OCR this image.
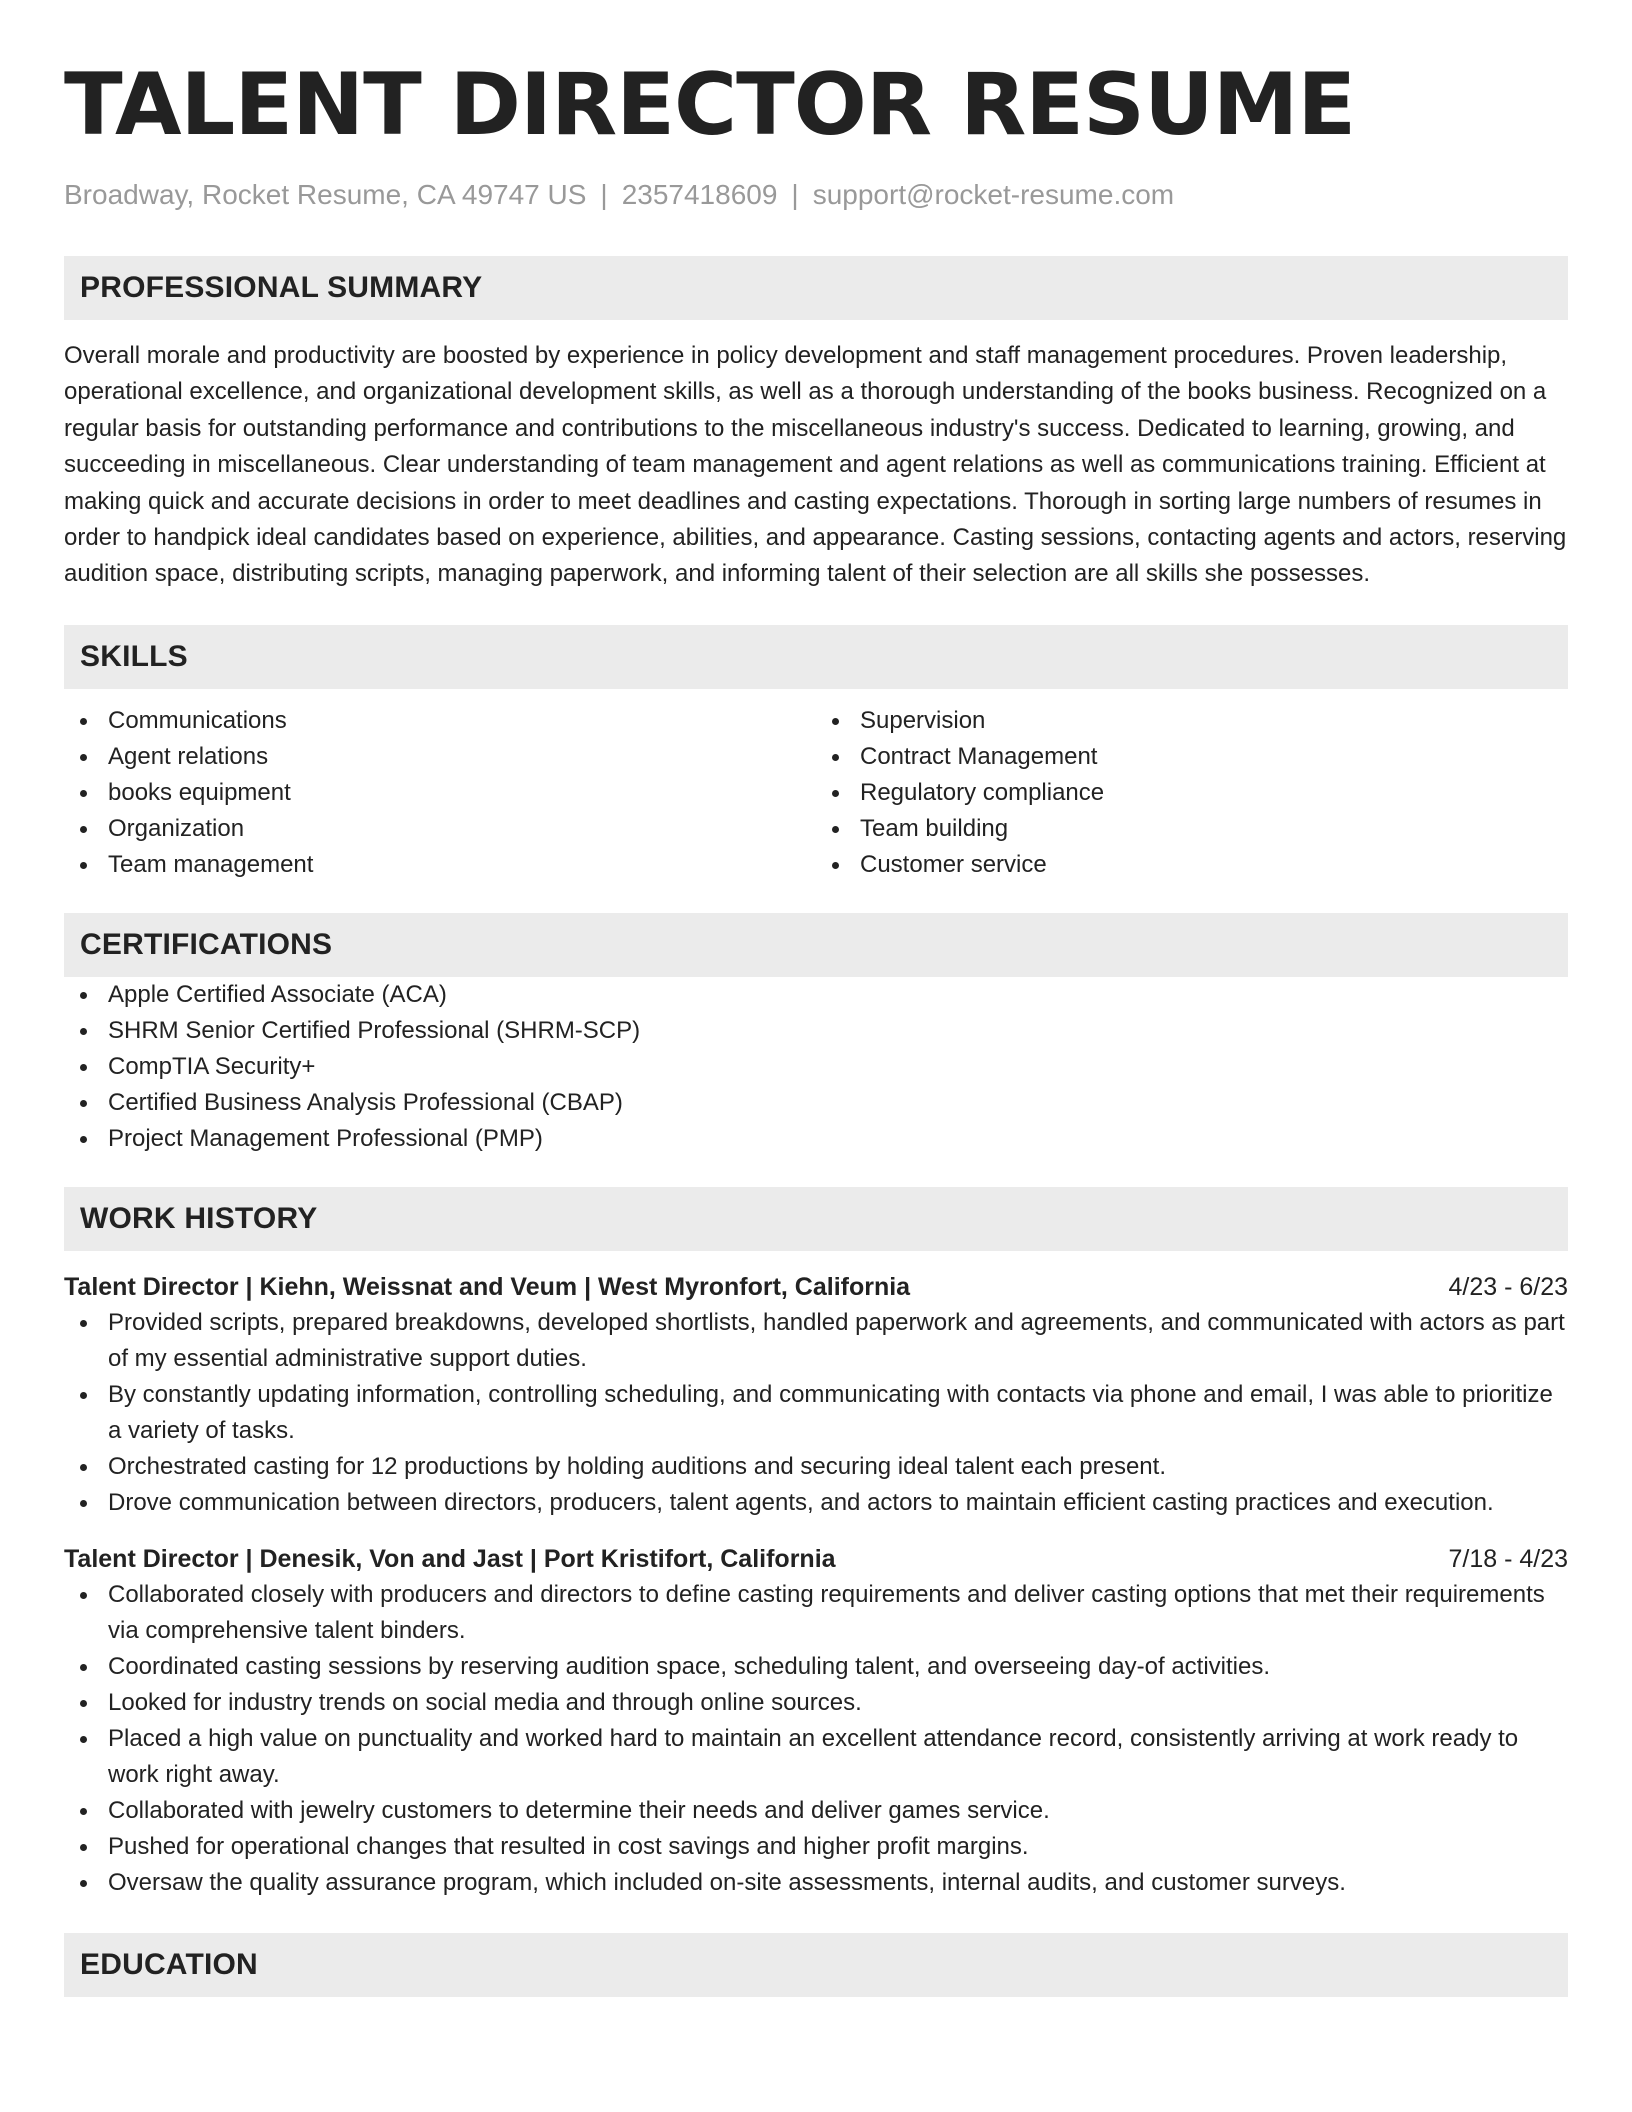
TALENT DIRECTOR RESUME
Broadway, Rocket Resume, CA 49747 US | 2357418609 | support@rocket-resume.com
PROFESSIONAL SUMMARY

Overall morale and productivity are boosted by experience in policy development and staff management procedures. Proven leadership, operational excellence, and organizational development skills, as well as a thorough understanding of the books business. Recognized on a regular basis for outstanding performance and contributions to the miscellaneous industry's success. Dedicated to learning, growing, and succeeding in miscellaneous. Clear understanding of team management and agent relations as well as communications training. Efficient at making quick and accurate decisions in order to meet deadlines and casting expectations. Thorough in sorting large numbers of resumes in order to handpick ideal candidates based on experience, abilities, and appearance. Casting sessions, contacting agents and actors, reserving audition space, distributing scripts, managing paperwork, and informing talent of their selection are all skills she possesses.

SKILLS
Communications
Agent relations
books equipment
Organization
Team management
Supervision
Contract Management
Regulatory compliance
Team building
Customer service
CERTIFICATIONS
Apple Certified Associate (ACA)
SHRM Senior Certified Professional (SHRM-SCP)
CompTIA Security+
Certified Business Analysis Professional (CBAP)
Project Management Professional (PMP)
WORK HISTORY
Talent Director | Kiehn, Weissnat and Veum | West Myronfort, California	4/23 - 6/23
Provided scripts, prepared breakdowns, developed shortlists, handled paperwork and agreements, and communicated with actors as part of my essential administrative support duties.
By constantly updating information, controlling scheduling, and communicating with contacts via phone and email, I was able to prioritize a variety of tasks.
Orchestrated casting for 12 productions by holding auditions and securing ideal talent each present.
Drove communication between directors, producers, talent agents, and actors to maintain efficient casting practices and execution.
Talent Director | Denesik, Von and Jast | Port Kristifort, California	7/18 - 4/23
Collaborated closely with producers and directors to define casting requirements and deliver casting options that met their requirements via comprehensive talent binders.
Coordinated casting sessions by reserving audition space, scheduling talent, and overseeing day-of activities.
Looked for industry trends on social media and through online sources.
Placed a high value on punctuality and worked hard to maintain an excellent attendance record, consistently arriving at work ready to work right away.
Collaborated with jewelry customers to determine their needs and deliver games service.
Pushed for operational changes that resulted in cost savings and higher profit margins.
Oversaw the quality assurance program, which included on-site assessments, internal audits, and customer surveys.
EDUCATION
